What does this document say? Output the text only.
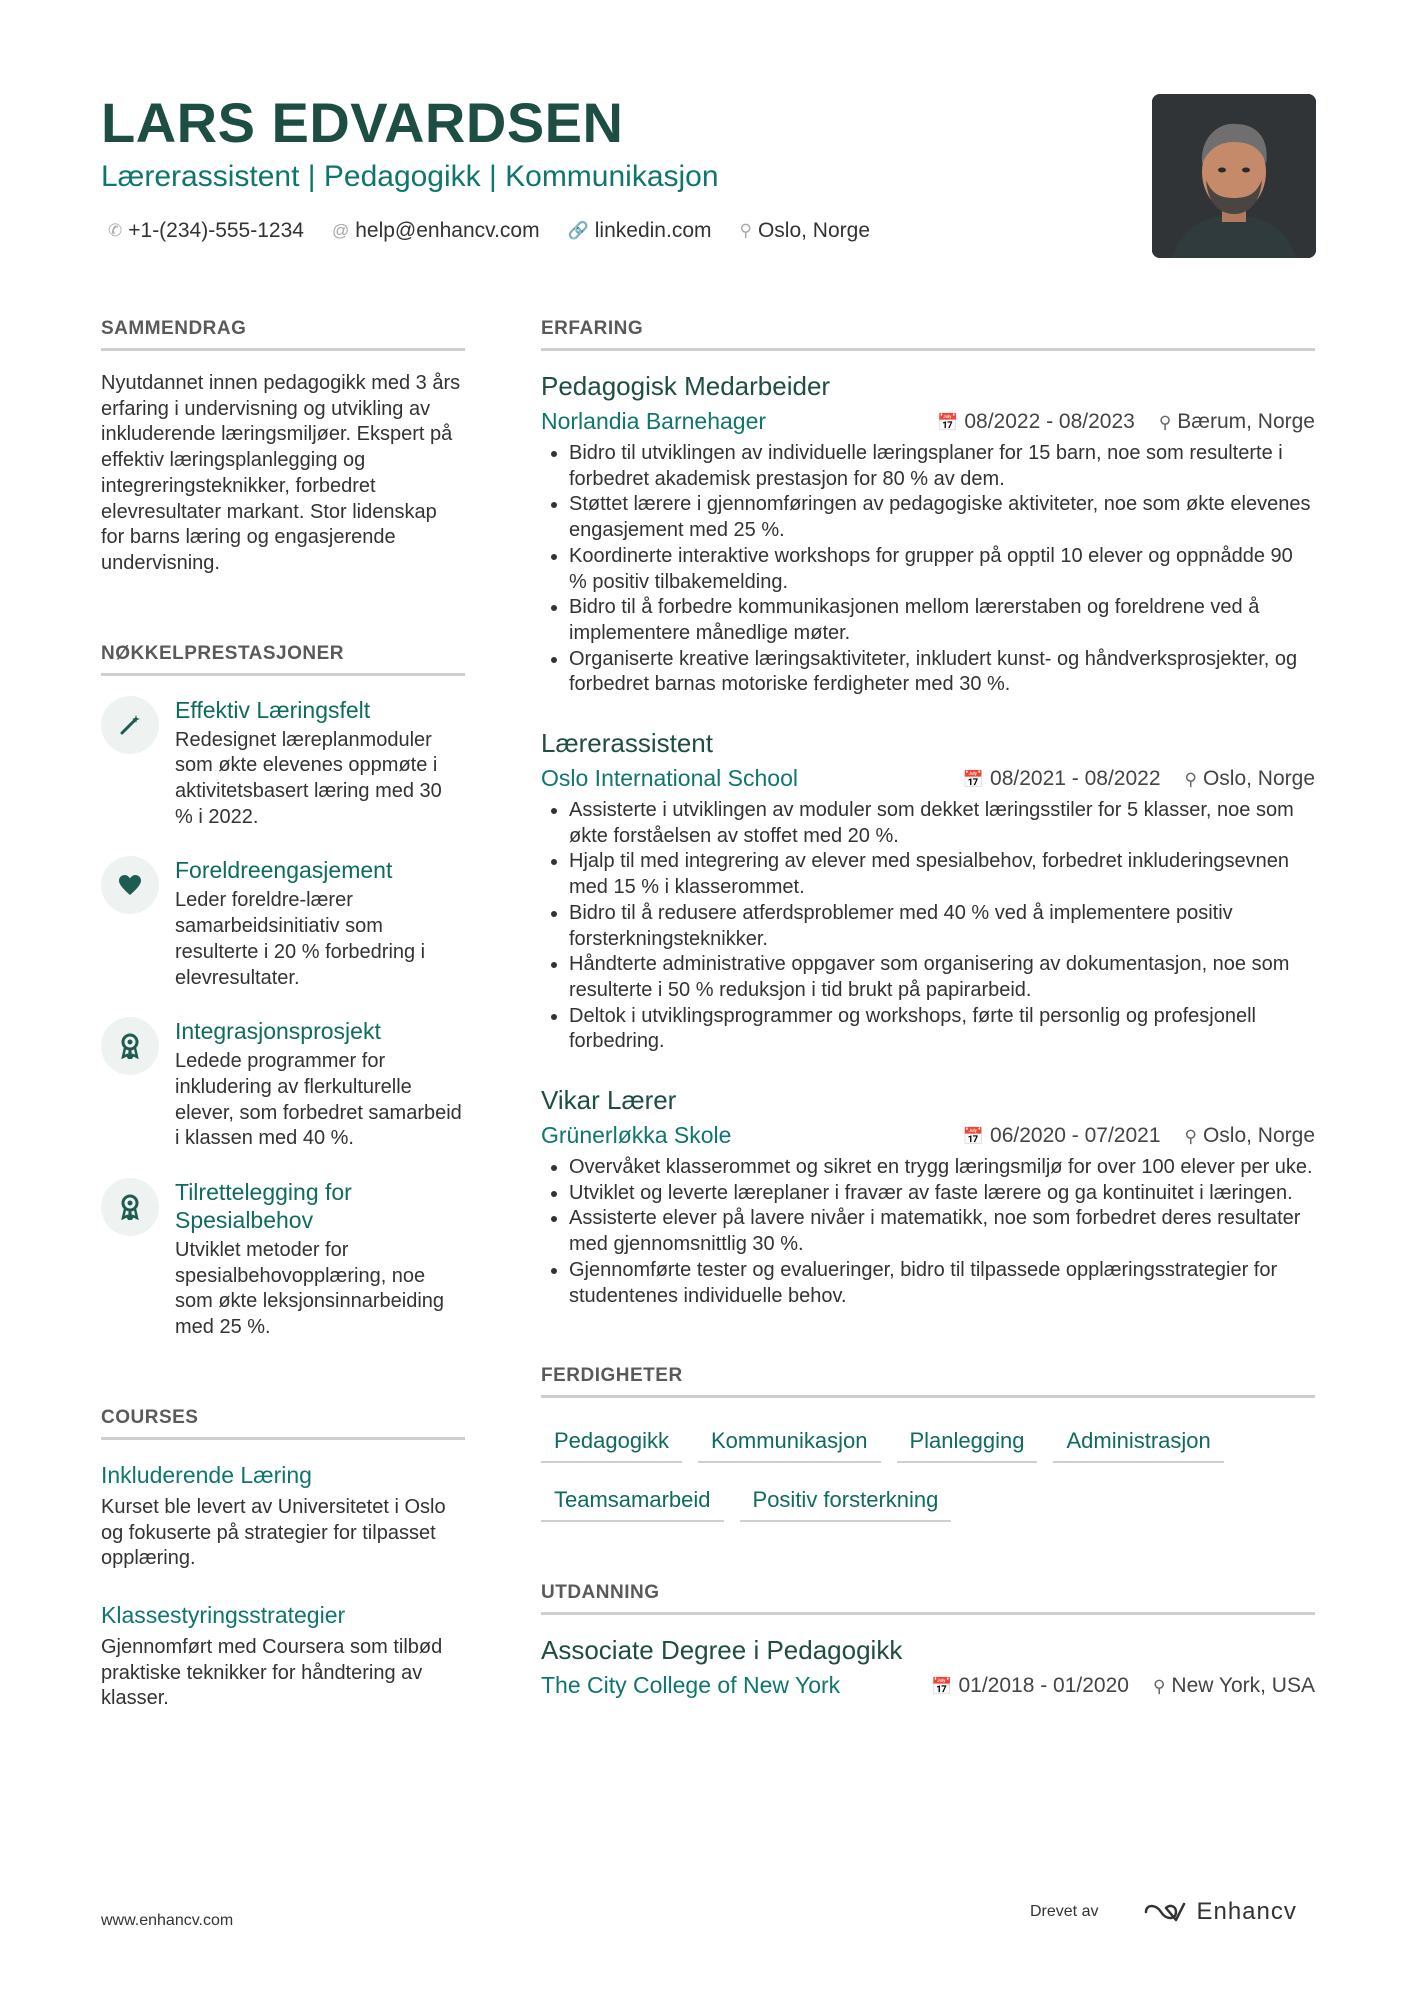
LARS EDVARDSEN
Lærerassistent | Pedagogikk | Kommunikasjon
✆ +1-(234)-555-1234 @ help@enhancv.com 🔗 linkedin.com ⚲ Oslo, Norge
SAMMENDRAG

Nyutdannet innen pedagogikk med 3 års erfaring i undervisning og utvikling av inkluderende læringsmiljøer. Ekspert på effektiv læringsplanlegging og integreringsteknikker, forbedret elevresultater markant. Stor lidenskap for barns læring og engasjerende undervisning.

NØKKELPRESTASJONER

Effektiv Læringsfelt

Redesignet læreplanmoduler som økte elevenes oppmøte i aktivitetsbasert læring med 30 % i 2022.

Foreldreengasjement

Leder foreldre-lærer samarbeidsinitiativ som resulterte i 20 % forbedring i elevresultater.

Integrasjonsprosjekt

Ledede programmer for inkludering av flerkulturelle elever, som forbedret samarbeid i klassen med 40 %.

Tilrettelegging for Spesialbehov

Utviklet metoder for spesialbehovopplæring, noe som økte leksjonsinnarbeiding med 25 %.

COURSES

Inkluderende Læring

Kurset ble levert av Universitetet i Oslo og fokuserte på strategier for tilpasset opplæring.

Klassestyringsstrategier

Gjennomført med Coursera som tilbød praktiske teknikker for håndtering av klasser.

ERFARING

Pedagogisk Medarbeider

Norlandia Barnehager	📅 08/2022 - 08/2023 ⚲ Bærum, Norge
• Bidro til utviklingen av individuelle læringsplaner for 15 barn, noe som resulterte i forbedret akademisk prestasjon for 80 % av dem.
• Støttet lærere i gjennomføringen av pedagogiske aktiviteter, noe som økte elevenes engasjement med 25 %.
• Koordinerte interaktive workshops for grupper på opptil 10 elever og oppnådde 90 % positiv tilbakemelding.
• Bidro til å forbedre kommunikasjonen mellom lærerstaben og foreldrene ved å implementere månedlige møter.
• Organiserte kreative læringsaktiviteter, inkludert kunst- og håndverksprosjekter, og forbedret barnas motoriske ferdigheter med 30 %.

Lærerassistent

Oslo International School	📅 08/2021 - 08/2022 ⚲ Oslo, Norge
• Assisterte i utviklingen av moduler som dekket læringsstiler for 5 klasser, noe som økte forståelsen av stoffet med 20 %.
• Hjalp til med integrering av elever med spesialbehov, forbedret inkluderingsevnen med 15 % i klasserommet.
• Bidro til å redusere atferdsproblemer med 40 % ved å implementere positiv forsterkningsteknikker.
• Håndterte administrative oppgaver som organisering av dokumentasjon, noe som resulterte i 50 % reduksjon i tid brukt på papirarbeid.
• Deltok i utviklingsprogrammer og workshops, førte til personlig og profesjonell forbedring.

Vikar Lærer

Grünerløkka Skole	📅 06/2020 - 07/2021 ⚲ Oslo, Norge
• Overvåket klasserommet og sikret en trygg læringsmiljø for over 100 elever per uke.
• Utviklet og leverte læreplaner i fravær av faste lærere og ga kontinuitet i læringen.
• Assisterte elever på lavere nivåer i matematikk, noe som forbedret deres resultater med gjennomsnittlig 30 %.
• Gjennomførte tester og evalueringer, bidro til tilpassede opplæringsstrategier for studentenes individuelle behov.
FERDIGHETER
Pedagogikk	Kommunikasjon	Planlegging	Administrasjon
Teamsamarbeid	Positiv forsterkning
UTDANNING

Associate Degree i Pedagogikk

The City College of New York	📅 01/2018 - 01/2020 ⚲ New York, USA
www.enhancv.com
Drevet av	Enhancv
